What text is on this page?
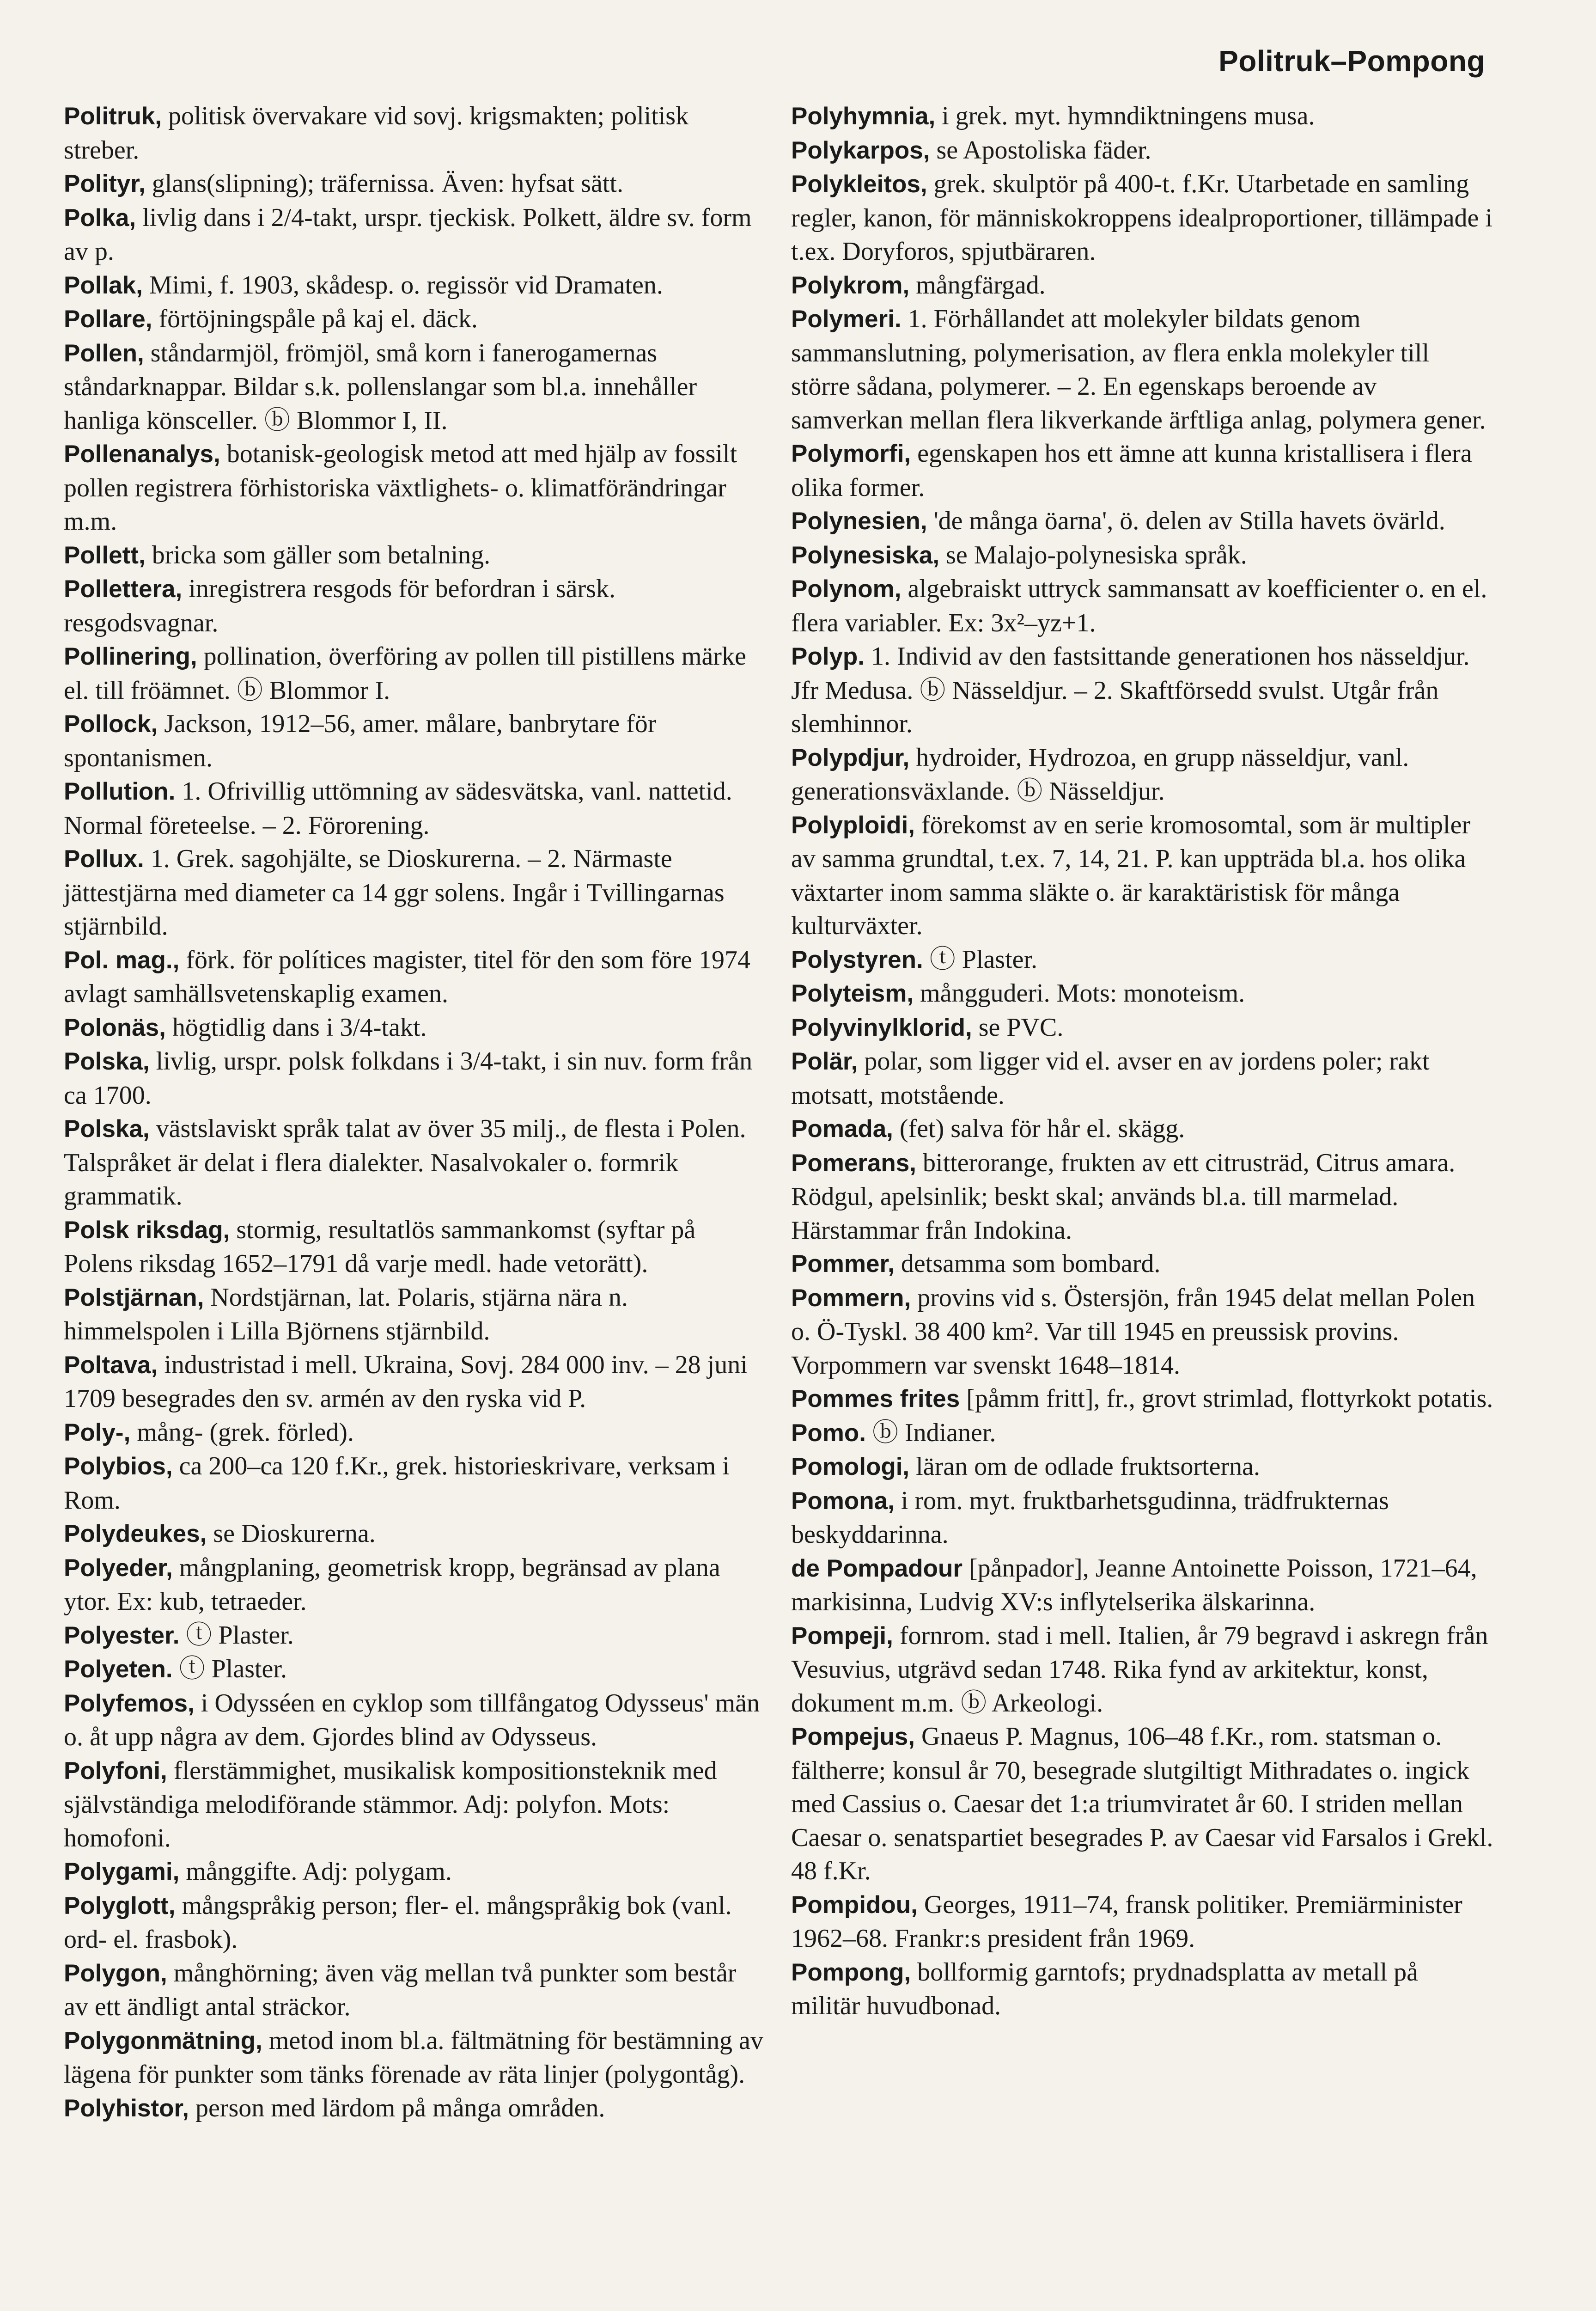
Politruk–Pompong

Politruk, politisk övervakare vid sovj. krigsmakten; politisk streber.

Polityr, glans(slipning); träfernissa. Även: hyfsat sätt.

Polka, livlig dans i 2/4-takt, urspr. tjeckisk. Polkett, äldre sv. form av p.

Pollak, Mimi, f. 1903, skådesp. o. regissör vid Dramaten.

Pollare, förtöjningspåle på kaj el. däck.

Pollen, ståndarmjöl, frömjöl, små korn i fanerogamernas ståndarknappar. Bildar s.k. pollenslangar som bl.a. innehåller hanliga könsceller. ⓑ Blommor I, II.

Pollenanalys, botanisk-geologisk metod att med hjälp av fossilt pollen registrera förhistoriska växtlighets- o. klimatförändringar m.m.

Pollett, bricka som gäller som betalning.

Pollettera, inregistrera resgods för befordran i särsk. resgodsvagnar.

Pollinering, pollination, överföring av pollen till pistillens märke el. till fröämnet. ⓑ Blommor I.

Pollock, Jackson, 1912–56, amer. målare, banbrytare för spontanismen.

Pollution. 1. Ofrivillig uttömning av sädesvätska, vanl. nattetid. Normal företeelse. – 2. Förorening.

Pollux. 1. Grek. sagohjälte, se Dioskurerna. – 2. Närmaste jättestjärna med diameter ca 14 ggr solens. Ingår i Tvillingarnas stjärnbild.

Pol. mag., förk. för polítices magister, titel för den som före 1974 avlagt samhällsvetenskaplig examen.

Polonäs, högtidlig dans i 3/4-takt.

Polska, livlig, urspr. polsk folkdans i 3/4-takt, i sin nuv. form från ca 1700.

Polska, västslaviskt språk talat av över 35 milj., de flesta i Polen. Talspråket är delat i flera dialekter. Nasalvokaler o. formrik grammatik.

Polsk riksdag, stormig, resultatlös sammankomst (syftar på Polens riksdag 1652–1791 då varje medl. hade vetorätt).

Polstjärnan, Nordstjärnan, lat. Polaris, stjärna nära n. himmelspolen i Lilla Björnens stjärnbild.

Poltava, industristad i mell. Ukraina, Sovj. 284 000 inv. – 28 juni 1709 besegrades den sv. armén av den ryska vid P.

Poly-, mång- (grek. förled).

Polybios, ca 200–ca 120 f.Kr., grek. historieskrivare, verksam i Rom.

Polydeukes, se Dioskurerna.

Polyeder, mångplaning, geometrisk kropp, begränsad av plana ytor. Ex: kub, tetraeder.

Polyester. ⓣ Plaster.

Polyeten. ⓣ Plaster.

Polyfemos, i Odysséen en cyklop som tillfångatog Odysseus' män o. åt upp några av dem. Gjordes blind av Odysseus.

Polyfoni, flerstämmighet, musikalisk kompositionsteknik med självständiga melodiförande stämmor. Adj: polyfon. Mots: homofoni.

Polygami, månggifte. Adj: polygam.

Polyglott, mångspråkig person; fler- el. mångspråkig bok (vanl. ord- el. frasbok).

Polygon, månghörning; även väg mellan två punkter som består av ett ändligt antal sträckor.

Polygonmätning, metod inom bl.a. fältmätning för bestämning av lägena för punkter som tänks förenade av räta linjer (polygontåg).

Polyhistor, person med lärdom på många områden.

Polyhymnia, i grek. myt. hymndiktningens musa.

Polykarpos, se Apostoliska fäder.

Polykleitos, grek. skulptör på 400-t. f.Kr. Utarbetade en samling regler, kanon, för människokroppens idealproportioner, tillämpade i t.ex. Doryforos, spjutbäraren.

Polykrom, mångfärgad.

Polymeri. 1. Förhållandet att molekyler bildats genom sammanslutning, polymerisation, av flera enkla molekyler till större sådana, polymerer. – 2. En egenskaps beroende av samverkan mellan flera likverkande ärftliga anlag, polymera gener.

Polymorfi, egenskapen hos ett ämne att kunna kristallisera i flera olika former.

Polynesien, 'de många öarna', ö. delen av Stilla havets övärld.

Polynesiska, se Malajo-polynesiska språk.

Polynom, algebraiskt uttryck sammansatt av koefficienter o. en el. flera variabler. Ex: 3x²–yz+1.

Polyp. 1. Individ av den fastsittande generationen hos nässeldjur. Jfr Medusa. ⓑ Nässeldjur. – 2. Skaftförsedd svulst. Utgår från slemhinnor.

Polypdjur, hydroider, Hydrozoa, en grupp nässeldjur, vanl. generationsväxlande. ⓑ Nässeldjur.

Polyploidi, förekomst av en serie kromosomtal, som är multipler av samma grundtal, t.ex. 7, 14, 21. P. kan uppträda bl.a. hos olika växtarter inom samma släkte o. är karaktäristisk för många kulturväxter.

Polystyren. ⓣ Plaster.

Polyteism, mångguderi. Mots: monoteism.

Polyvinylklorid, se PVC.

Polär, polar, som ligger vid el. avser en av jordens poler; rakt motsatt, motstående.

Pomada, (fet) salva för hår el. skägg.

Pomerans, bitterorange, frukten av ett citrusträd, Citrus amara. Rödgul, apelsinlik; beskt skal; används bl.a. till marmelad. Härstammar från Indokina.

Pommer, detsamma som bombard.

Pommern, provins vid s. Östersjön, från 1945 delat mellan Polen o. Ö-Tyskl. 38 400 km². Var till 1945 en preussisk provins. Vorpommern var svenskt 1648–1814.

Pommes frites [påmm fritt], fr., grovt strimlad, flottyrkokt potatis.

Pomo. ⓑ Indianer.

Pomologi, läran om de odlade fruktsorterna.

Pomona, i rom. myt. fruktbarhetsgudinna, trädfrukternas beskyddarinna.

de Pompadour [pånpador], Jeanne Antoinette Poisson, 1721–64, markisinna, Ludvig XV:s inflytelserika älskarinna.

Pompeji, fornrom. stad i mell. Italien, år 79 begravd i askregn från Vesuvius, utgrävd sedan 1748. Rika fynd av arkitektur, konst, dokument m.m. ⓑ Arkeologi.

Pompejus, Gnaeus P. Magnus, 106–48 f.Kr., rom. statsman o. fältherre; konsul år 70, besegrade slutgiltigt Mithradates o. ingick med Cassius o. Caesar det 1:a triumviratet år 60. I striden mellan Caesar o. senatspartiet besegrades P. av Caesar vid Farsalos i Grekl. 48 f.Kr.

Pompidou, Georges, 1911–74, fransk politiker. Premiärminister 1962–68. Frankr:s president från 1969.

Pompong, bollformig garntofs; prydnadsplatta av metall på militär huvudbonad.
